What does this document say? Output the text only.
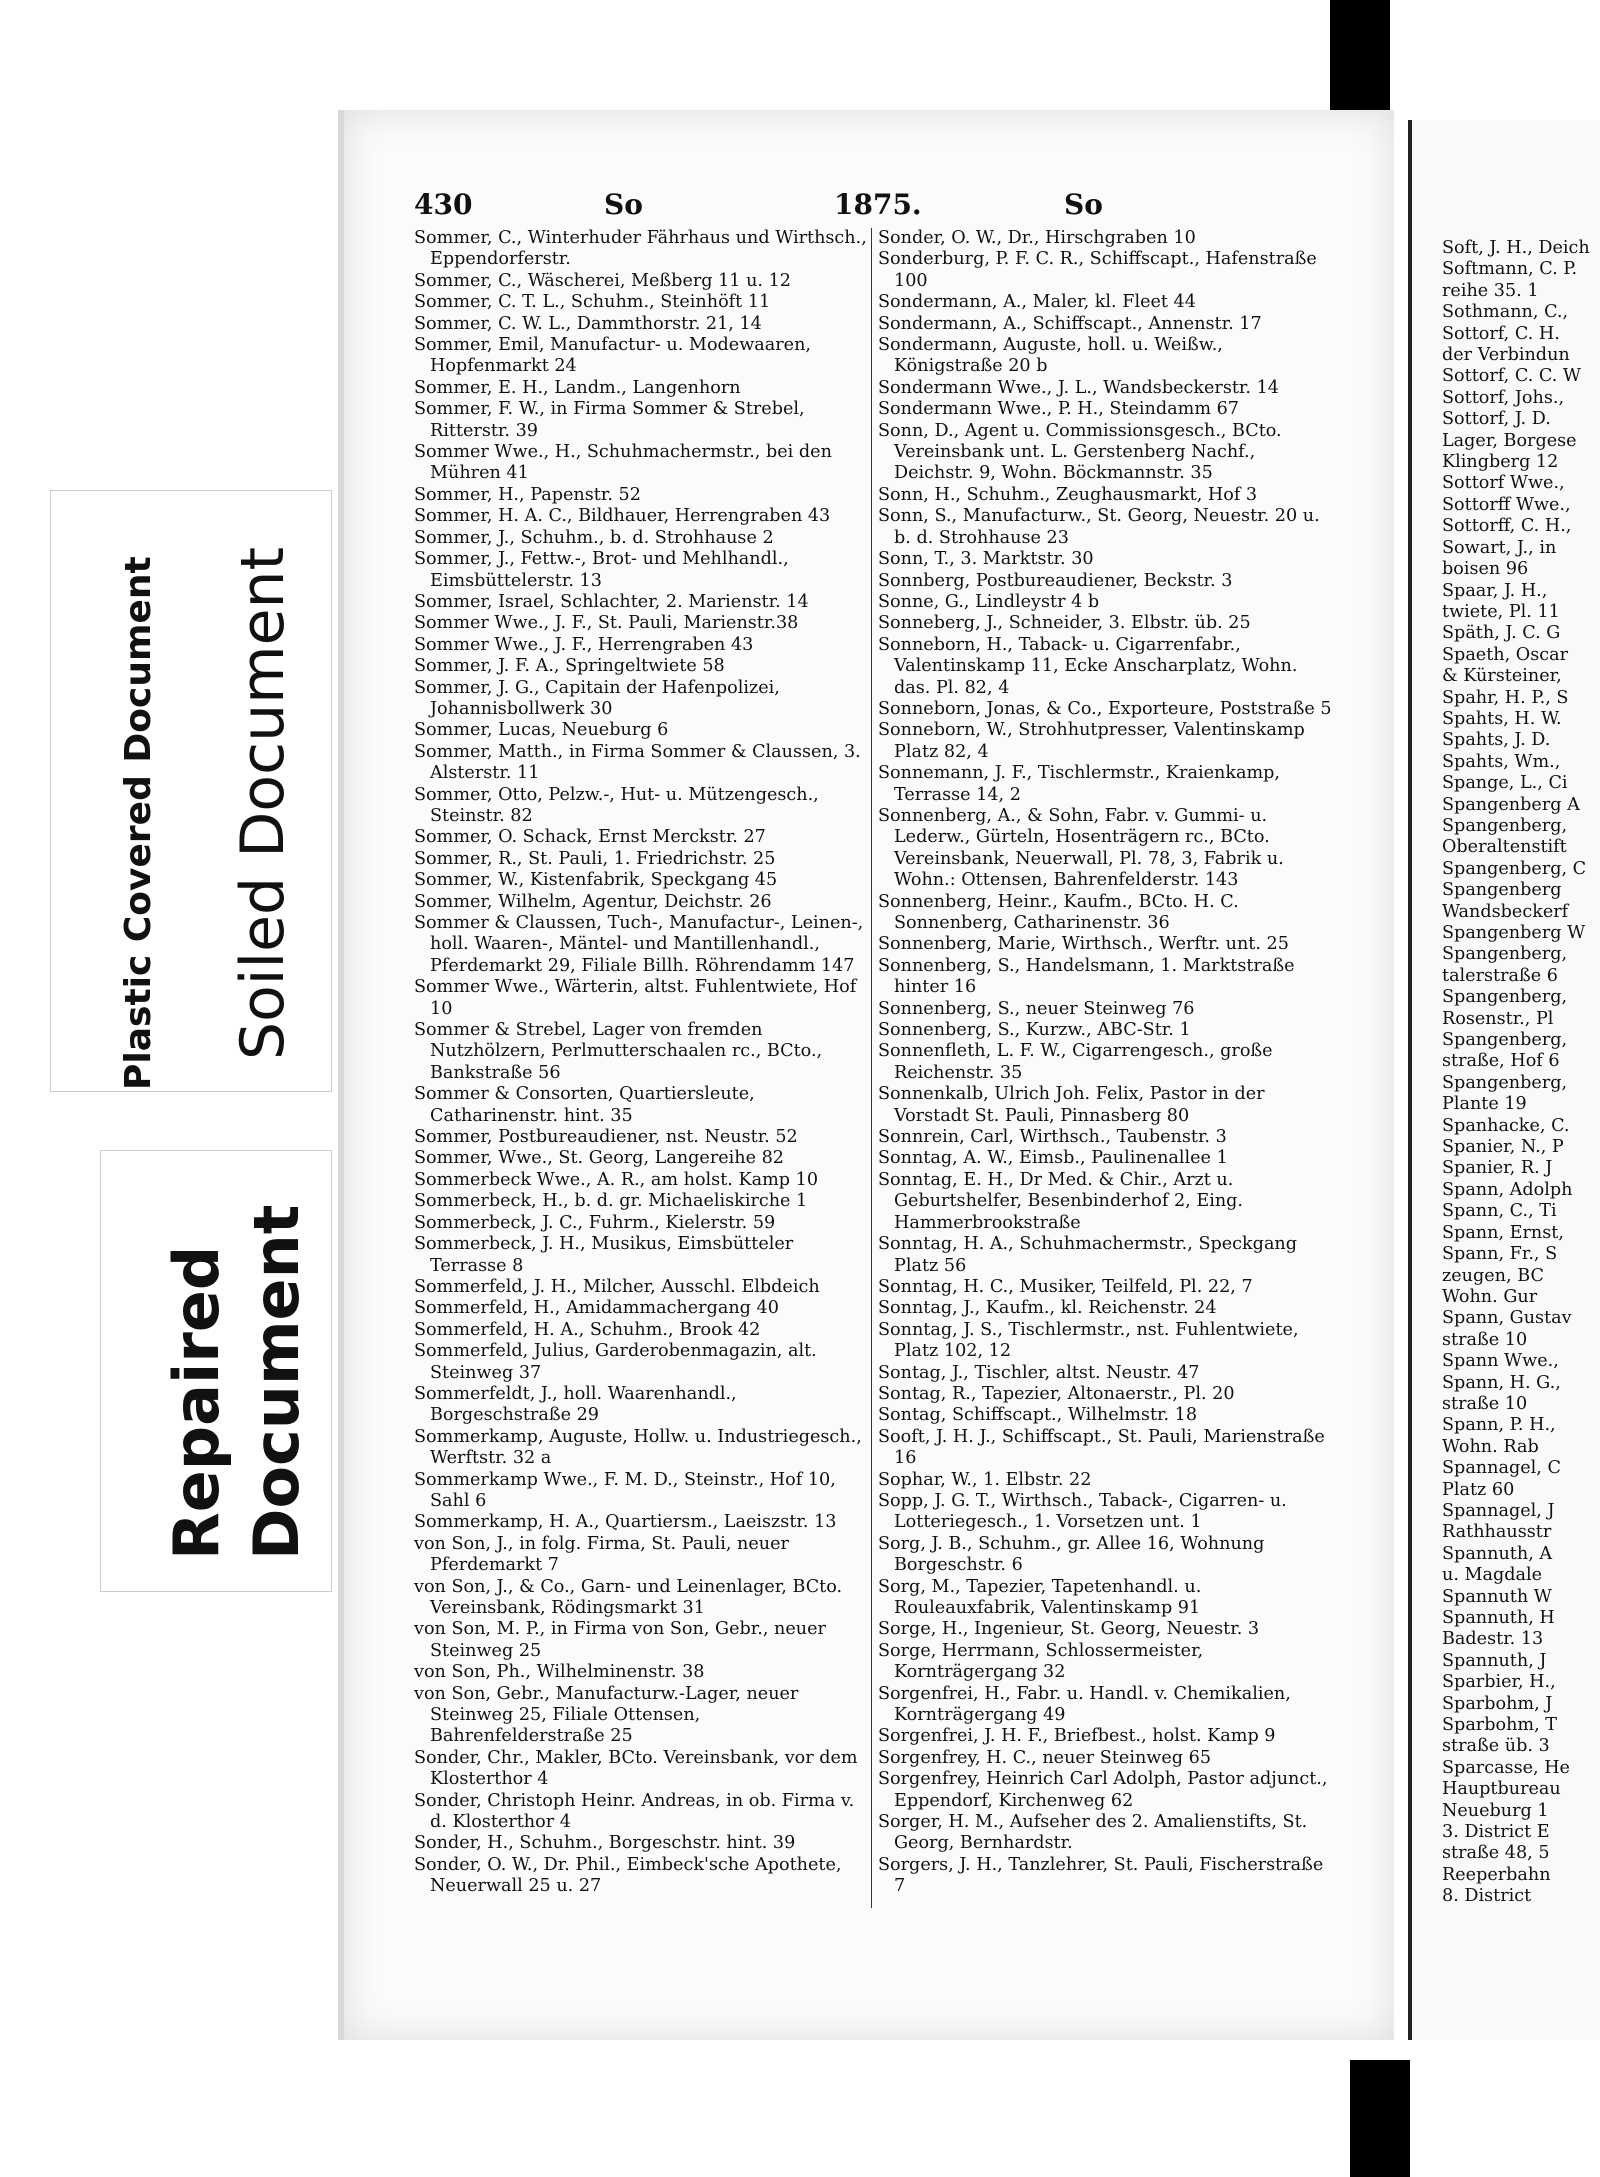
Plastic Covered Document Soiled Document
Repaired Document
430	So	1875.	So

Sommer, C., Winterhuder Fährhaus und Wirthsch., Eppendorferstr.

Sommer, C., Wäscherei, Meßberg 11 u. 12

Sommer, C. T. L., Schuhm., Steinhöft 11

Sommer, C. W. L., Dammthorstr. 21, 14

Sommer, Emil, Manufactur- u. Modewaaren, Hopfenmarkt 24

Sommer, E. H., Landm., Langenhorn

Sommer, F. W., in Firma Sommer & Strebel, Ritterstr. 39

Sommer Wwe., H., Schuhmachermstr., bei den Mühren 41

Sommer, H., Papenstr. 52

Sommer, H. A. C., Bildhauer, Herrengraben 43

Sommer, J., Schuhm., b. d. Strohhause 2

Sommer, J., Fettw.-, Brot- und Mehlhandl., Eimsbüttelerstr. 13

Sommer, Israel, Schlachter, 2. Marienstr. 14

Sommer Wwe., J. F., St. Pauli, Marienstr.38

Sommer Wwe., J. F., Herrengraben 43

Sommer, J. F. A., Springeltwiete 58

Sommer, J. G., Capitain der Hafenpolizei, Johannisbollwerk 30

Sommer, Lucas, Neueburg 6

Sommer, Matth., in Firma Sommer & Claussen, 3. Alsterstr. 11

Sommer, Otto, Pelzw.-, Hut- u. Mützengesch., Steinstr. 82

Sommer, O. Schack, Ernst Merckstr. 27

Sommer, R., St. Pauli, 1. Friedrichstr. 25

Sommer, W., Kistenfabrik, Speckgang 45

Sommer, Wilhelm, Agentur, Deichstr. 26

Sommer & Claussen, Tuch-, Manufactur-, Leinen-, holl. Waaren-, Mäntel- und Mantillenhandl., Pferdemarkt 29, Filiale Billh. Röhrendamm 147

Sommer Wwe., Wärterin, altst. Fuhlentwiete, Hof 10

Sommer & Strebel, Lager von fremden Nutzhölzern, Perlmutterschaalen rc., BCto., Bankstraße 56

Sommer & Consorten, Quartiersleute, Catharinenstr. hint. 35

Sommer, Postbureaudiener, nst. Neustr. 52

Sommer, Wwe., St. Georg, Langereihe 82

Sommerbeck Wwe., A. R., am holst. Kamp 10

Sommerbeck, H., b. d. gr. Michaeliskirche 1

Sommerbeck, J. C., Fuhrm., Kielerstr. 59

Sommerbeck, J. H., Musikus, Eimsbütteler Terrasse 8

Sommerfeld, J. H., Milcher, Ausschl. Elbdeich

Sommerfeld, H., Amidammachergang 40

Sommerfeld, H. A., Schuhm., Brook 42

Sommerfeld, Julius, Garderobenmagazin, alt. Steinweg 37

Sommerfeldt, J., holl. Waarenhandl., Borgeschstraße 29

Sommerkamp, Auguste, Hollw. u. Industriegesch., Werftstr. 32 a

Sommerkamp Wwe., F. M. D., Steinstr., Hof 10, Sahl 6

Sommerkamp, H. A., Quartiersm., Laeiszstr. 13

von Son, J., in folg. Firma, St. Pauli, neuer Pferdemarkt 7

von Son, J., & Co., Garn- und Leinenlager, BCto. Vereinsbank, Rödingsmarkt 31

von Son, M. P., in Firma von Son, Gebr., neuer Steinweg 25

von Son, Ph., Wilhelminenstr. 38

von Son, Gebr., Manufacturw.-Lager, neuer Steinweg 25, Filiale Ottensen, Bahrenfelderstraße 25

Sonder, Chr., Makler, BCto. Vereinsbank, vor dem Klosterthor 4

Sonder, Christoph Heinr. Andreas, in ob. Firma v. d. Klosterthor 4

Sonder, H., Schuhm., Borgeschstr. hint. 39

Sonder, O. W., Dr. Phil., Eimbeck'sche Apothete, Neuerwall 25 u. 27

Sonder, O. W., Dr., Hirschgraben 10

Sonderburg, P. F. C. R., Schiffscapt., Hafenstraße 100

Sondermann, A., Maler, kl. Fleet 44

Sondermann, A., Schiffscapt., Annenstr. 17

Sondermann, Auguste, holl. u. Weißw., Königstraße 20 b

Sondermann Wwe., J. L., Wandsbeckerstr. 14

Sondermann Wwe., P. H., Steindamm 67

Sonn, D., Agent u. Commissionsgesch., BCto. Vereinsbank unt. L. Gerstenberg Nachf., Deichstr. 9, Wohn. Böckmannstr. 35

Sonn, H., Schuhm., Zeughausmarkt, Hof 3

Sonn, S., Manufacturw., St. Georg, Neuestr. 20 u. b. d. Strohhause 23

Sonn, T., 3. Marktstr. 30

Sonnberg, Postbureaudiener, Beckstr. 3

Sonne, G., Lindleystr 4 b

Sonneberg, J., Schneider, 3. Elbstr. üb. 25

Sonneborn, H., Taback- u. Cigarrenfabr., Valentinskamp 11, Ecke Anscharplatz, Wohn. das. Pl. 82, 4

Sonneborn, Jonas, & Co., Exporteure, Poststraße 5

Sonneborn, W., Strohhutpresser, Valentinskamp Platz 82, 4

Sonnemann, J. F., Tischlermstr., Kraienkamp, Terrasse 14, 2

Sonnenberg, A., & Sohn, Fabr. v. Gummi- u. Lederw., Gürteln, Hosenträgern rc., BCto. Vereinsbank, Neuerwall, Pl. 78, 3, Fabrik u. Wohn.: Ottensen, Bahrenfelderstr. 143

Sonnenberg, Heinr., Kaufm., BCto. H. C. Sonnenberg, Catharinenstr. 36

Sonnenberg, Marie, Wirthsch., Werftr. unt. 25

Sonnenberg, S., Handelsmann, 1. Marktstraße hinter 16

Sonnenberg, S., neuer Steinweg 76

Sonnenberg, S., Kurzw., ABC-Str. 1

Sonnenfleth, L. F. W., Cigarrengesch., große Reichenstr. 35

Sonnenkalb, Ulrich Joh. Felix, Pastor in der Vorstadt St. Pauli, Pinnasberg 80

Sonnrein, Carl, Wirthsch., Taubenstr. 3

Sonntag, A. W., Eimsb., Paulinenallee 1

Sonntag, E. H., Dr Med. & Chir., Arzt u. Geburtshelfer, Besenbinderhof 2, Eing. Hammerbrookstraße

Sonntag, H. A., Schuhmachermstr., Speckgang Platz 56

Sonntag, H. C., Musiker, Teilfeld, Pl. 22, 7

Sonntag, J., Kaufm., kl. Reichenstr. 24

Sonntag, J. S., Tischlermstr., nst. Fuhlentwiete, Platz 102, 12

Sontag, J., Tischler, altst. Neustr. 47

Sontag, R., Tapezier, Altonaerstr., Pl. 20

Sontag, Schiffscapt., Wilhelmstr. 18

Sooft, J. H. J., Schiffscapt., St. Pauli, Marienstraße 16

Sophar, W., 1. Elbstr. 22

Sopp, J. G. T., Wirthsch., Taback-, Cigarren- u. Lotteriegesch., 1. Vorsetzen unt. 1

Sorg, J. B., Schuhm., gr. Allee 16, Wohnung Borgeschstr. 6

Sorg, M., Tapezier, Tapetenhandl. u. Rouleauxfabrik, Valentinskamp 91

Sorge, H., Ingenieur, St. Georg, Neuestr. 3

Sorge, Herrmann, Schlossermeister, Kornträgergang 32

Sorgenfrei, H., Fabr. u. Handl. v. Chemikalien, Kornträgergang 49

Sorgenfrei, J. H. F., Briefbest., holst. Kamp 9

Sorgenfrey, H. C., neuer Steinweg 65

Sorgenfrey, Heinrich Carl Adolph, Pastor adjunct., Eppendorf, Kirchenweg 62

Sorger, H. M., Aufseher des 2. Amalienstifts, St. Georg, Bernhardstr.

Sorgers, J. H., Tanzlehrer, St. Pauli, Fischerstraße 7

Soft, J. H., Deich

Softmann, C. P.

reihe 35. 1

Sothmann, C.,

Sottorf, C. H.

der Verbindun

Sottorf, C. C. W

Sottorf, Johs.,

Sottorf, J. D.

Lager, Borgese

Klingberg 12

Sottorf Wwe.,

Sottorff Wwe.,

Sottorff, C. H.,

Sowart, J., in

boisen 96

Spaar, J. H.,

twiete, Pl. 11

Späth, J. C. G

Spaeth, Oscar

& Kürsteiner,

Spahr, H. P., S

Spahts, H. W.

Spahts, J. D.

Spahts, Wm.,

Spange, L., Ci

Spangenberg A

Spangenberg,

Oberaltenstift

Spangenberg, C

Spangenberg

Wandsbeckerf

Spangenberg W

Spangenberg,

talerstraße 6

Spangenberg,

Rosenstr., Pl

Spangenberg,

straße, Hof 6

Spangenberg,

Plante 19

Spanhacke, C.

Spanier, N., P

Spanier, R. J

Spann, Adolph

Spann, C., Ti

Spann, Ernst,

Spann, Fr., S

zeugen, BC

Wohn. Gur

Spann, Gustav

straße 10

Spann Wwe.,

Spann, H. G.,

straße 10

Spann, P. H.,

Wohn. Rab

Spannagel, C

Platz 60

Spannagel, J

Rathhausstr

Spannuth, A

u. Magdale

Spannuth W

Spannuth, H

Badestr. 13

Spannuth, J

Sparbier, H.,

Sparbohm, J

Sparbohm, T

straße üb. 3

Sparcasse, He

Hauptbureau

Neueburg 1

3. District E

straße 48, 5

Reeperbahn

8. District
